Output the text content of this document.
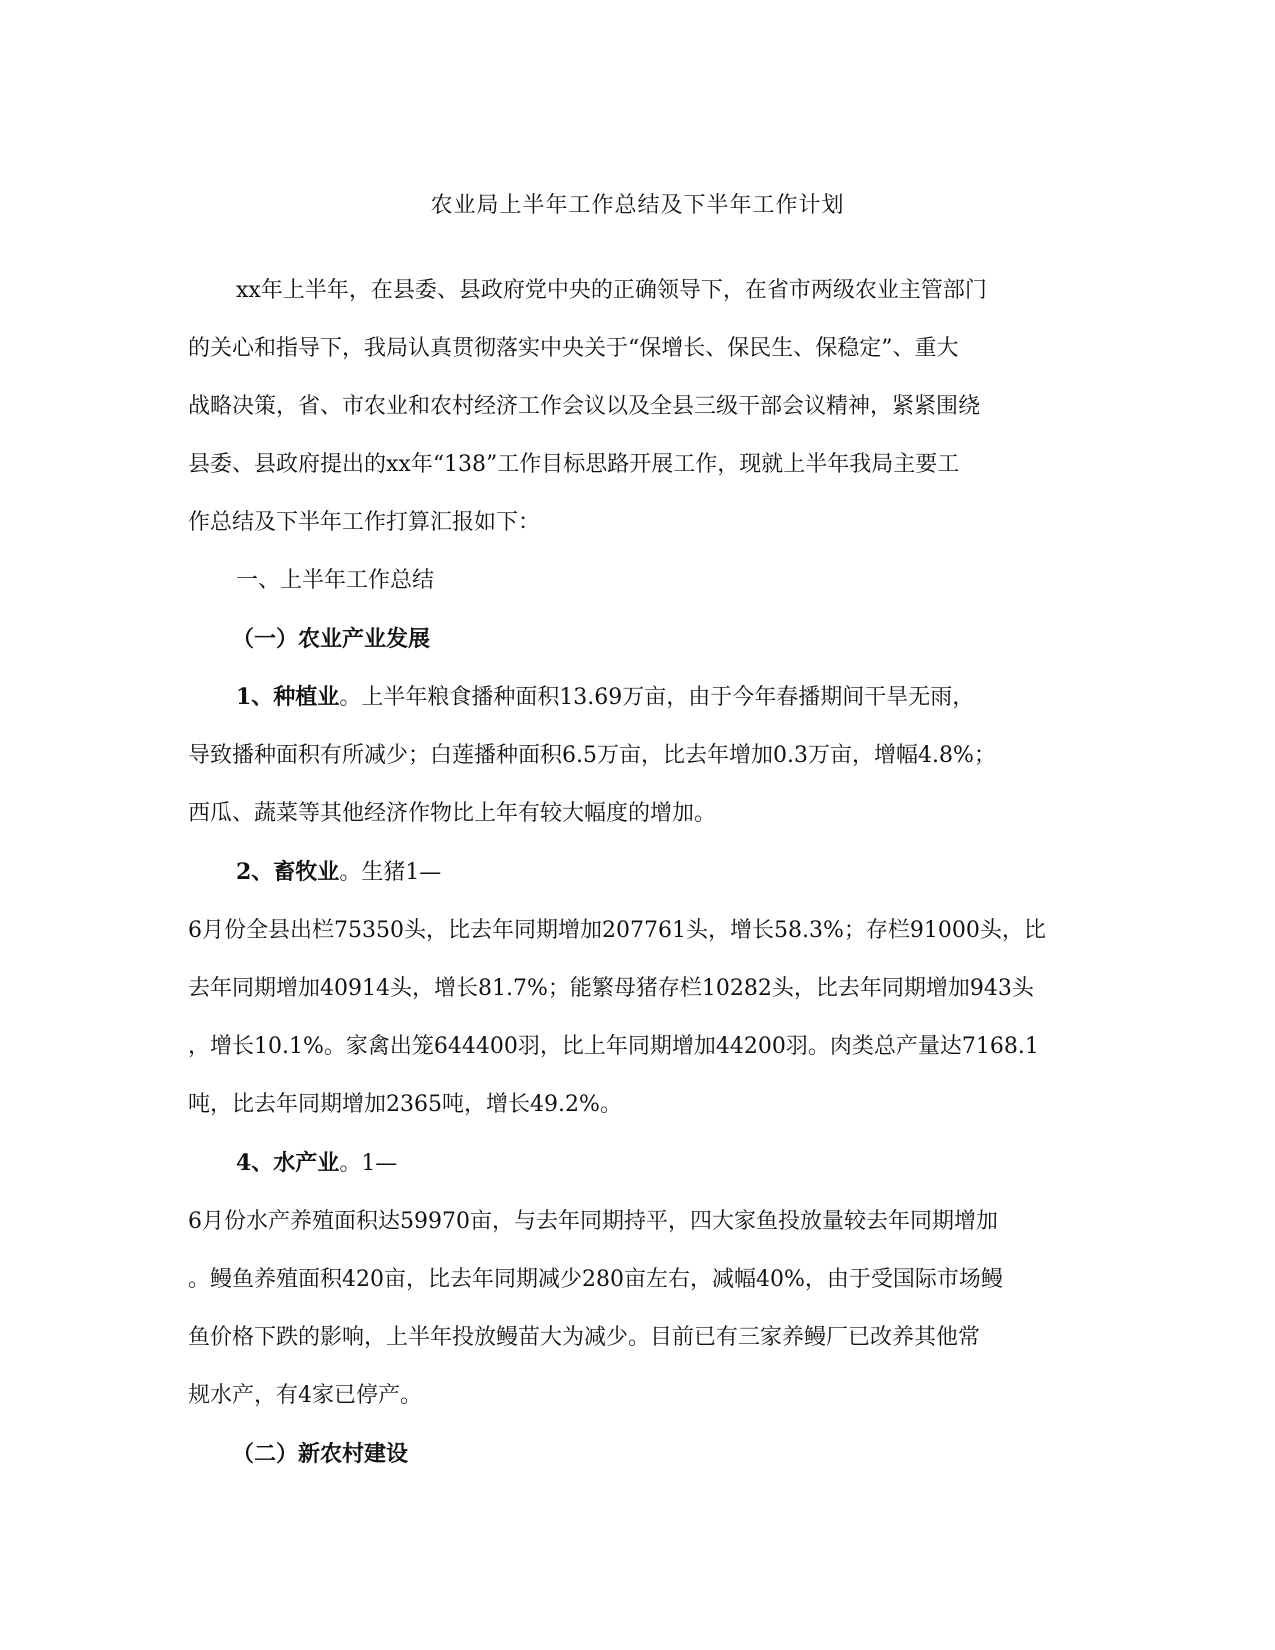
农业局上半年工作总结及下半年工作计划

xx年上半年，在县委、县政府党中央的正确领导下，在省市两级农业主管部门
的关心和指导下，我局认真贯彻落实中央关于“保增长、保民生、保稳定”、重大
战略决策，省、市农业和农村经济工作会议以及全县三级干部会议精神，紧紧围绕
县委、县政府提出的xx年“138”工作目标思路开展工作，现就上半年我局主要工
作总结及下半年工作打算汇报如下：

一、上半年工作总结

（一）农业产业发展

1、种植业。上半年粮食播种面积13.69万亩，由于今年春播期间干旱无雨，
导致播种面积有所减少；白莲播种面积6.5万亩，比去年增加0.3万亩，增幅4.8%；
西瓜、蔬菜等其他经济作物比上年有较大幅度的增加。

2、畜牧业。生猪1—
6月份全县出栏75350头，比去年同期增加207761头，增长58.3%；存栏91000头，比
去年同期增加40914头，增长81.7%；能繁母猪存栏10282头，比去年同期增加943头
，增长10.1%。家禽出笼644400羽，比上年同期增加44200羽。肉类总产量达7168.1
吨，比去年同期增加2365吨，增长49.2%。

4、水产业。1—
6月份水产养殖面积达59970亩，与去年同期持平，四大家鱼投放量较去年同期增加
。鳗鱼养殖面积420亩，比去年同期减少280亩左右，减幅40%，由于受国际市场鳗
鱼价格下跌的影响，上半年投放鳗苗大为减少。目前已有三家养鳗厂已改养其他常
规水产，有4家已停产。

（二）新农村建设
